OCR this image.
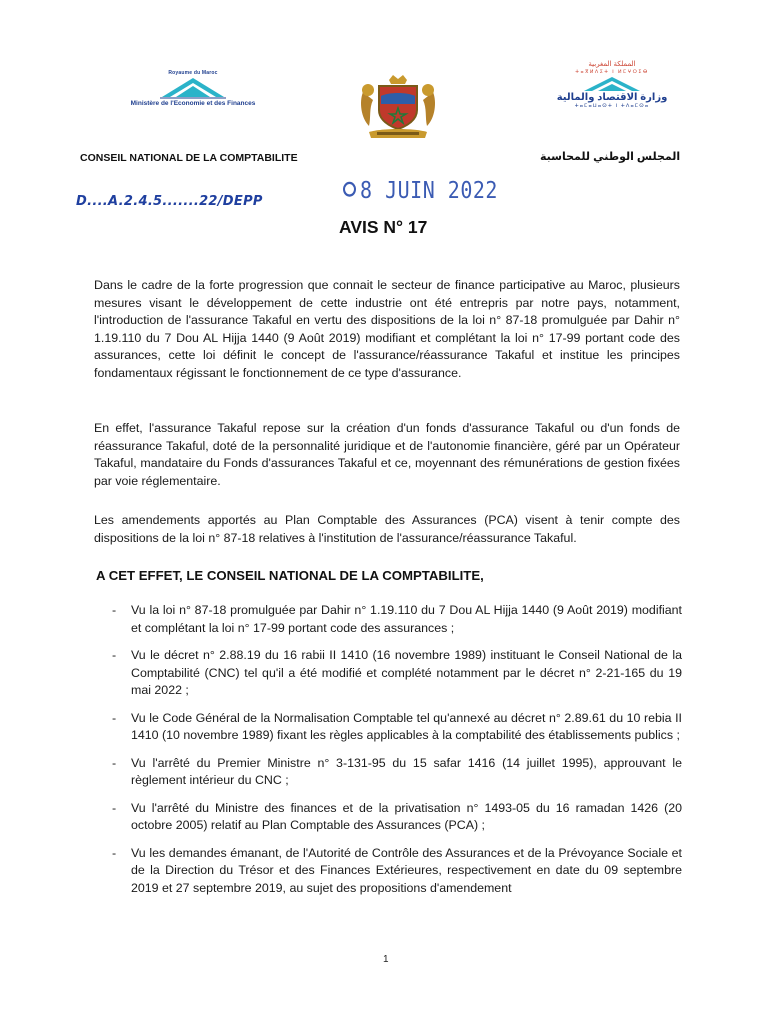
Royaume du Maroc
Ministère de l'Economie et des Finances
المملكة المغربية
ⵜⴰⴳⵍⴷⵉⵜ ⵏ ⵍⵎⵖⵔⵉⴱ
وزارة الاقتصاد والمالية
ⵜⴰⵎⴰⵡⴰⵙⵜ ⵏ ⵜⴷⴰⵎⵙⴰ
CONSEIL NATIONAL DE LA COMPTABILITE	المجلس الوطني للمحاسبة
D....A.2.4.5.......22/DEPP	8 JUIN 2022
AVIS N° 17

Dans le cadre de la forte progression que connait le secteur de finance participative au Maroc, plusieurs mesures visant le développement de cette industrie ont été entrepris par notre pays, notamment, l'introduction de l'assurance Takaful en vertu des dispositions de la loi n° 87-18 promulguée par Dahir n° 1.19.110 du 7 Dou AL Hijja 1440 (9 Août 2019) modifiant et complétant la loi n° 17-99 portant code des assurances, cette loi définit le concept de l'assurance/réassurance Takaful et institue les principes fondamentaux régissant le fonctionnement de ce type d'assurance.

En effet, l'assurance Takaful repose sur la création d'un fonds d'assurance Takaful ou d'un fonds de réassurance Takaful, doté de la personnalité juridique et de l'autonomie financière, géré par un Opérateur Takaful, mandataire du Fonds d'assurances Takaful et ce, moyennant des rémunérations de gestion fixées par voie réglementaire.

Les amendements apportés au Plan Comptable des Assurances (PCA) visent à tenir compte des dispositions de la loi n° 87-18 relatives à l'institution de l'assurance/réassurance Takaful.

A CET EFFET, LE CONSEIL NATIONAL DE LA COMPTABILITE,
- Vu la loi n° 87-18 promulguée par Dahir n° 1.19.110 du 7 Dou AL Hijja 1440 (9 Août 2019) modifiant et complétant la loi n° 17-99 portant code des assurances ;
- Vu le décret n° 2.88.19 du 16 rabii II 1410 (16 novembre 1989) instituant le Conseil National de la Comptabilité (CNC) tel qu'il a été modifié et complété notamment par le décret n° 2-21-165 du 19 mai 2022 ;
- Vu le Code Général de la Normalisation Comptable tel qu'annexé au décret n° 2.89.61 du 10 rebia II 1410 (10 novembre 1989) fixant les règles applicables à la comptabilité des établissements publics ;
- Vu l'arrêté du Premier Ministre n° 3-131-95 du 15 safar 1416 (14 juillet 1995), approuvant le règlement intérieur du CNC ;
- Vu l'arrêté du Ministre des finances et de la privatisation n° 1493-05 du 16 ramadan 1426 (20 octobre 2005) relatif au Plan Comptable des Assurances (PCA) ;
- Vu les demandes émanant, de l'Autorité de Contrôle des Assurances et de la Prévoyance Sociale et de la Direction du Trésor et des Finances Extérieures, respectivement en date du 09 septembre 2019 et 27 septembre 2019, au sujet des propositions d'amendement
1
